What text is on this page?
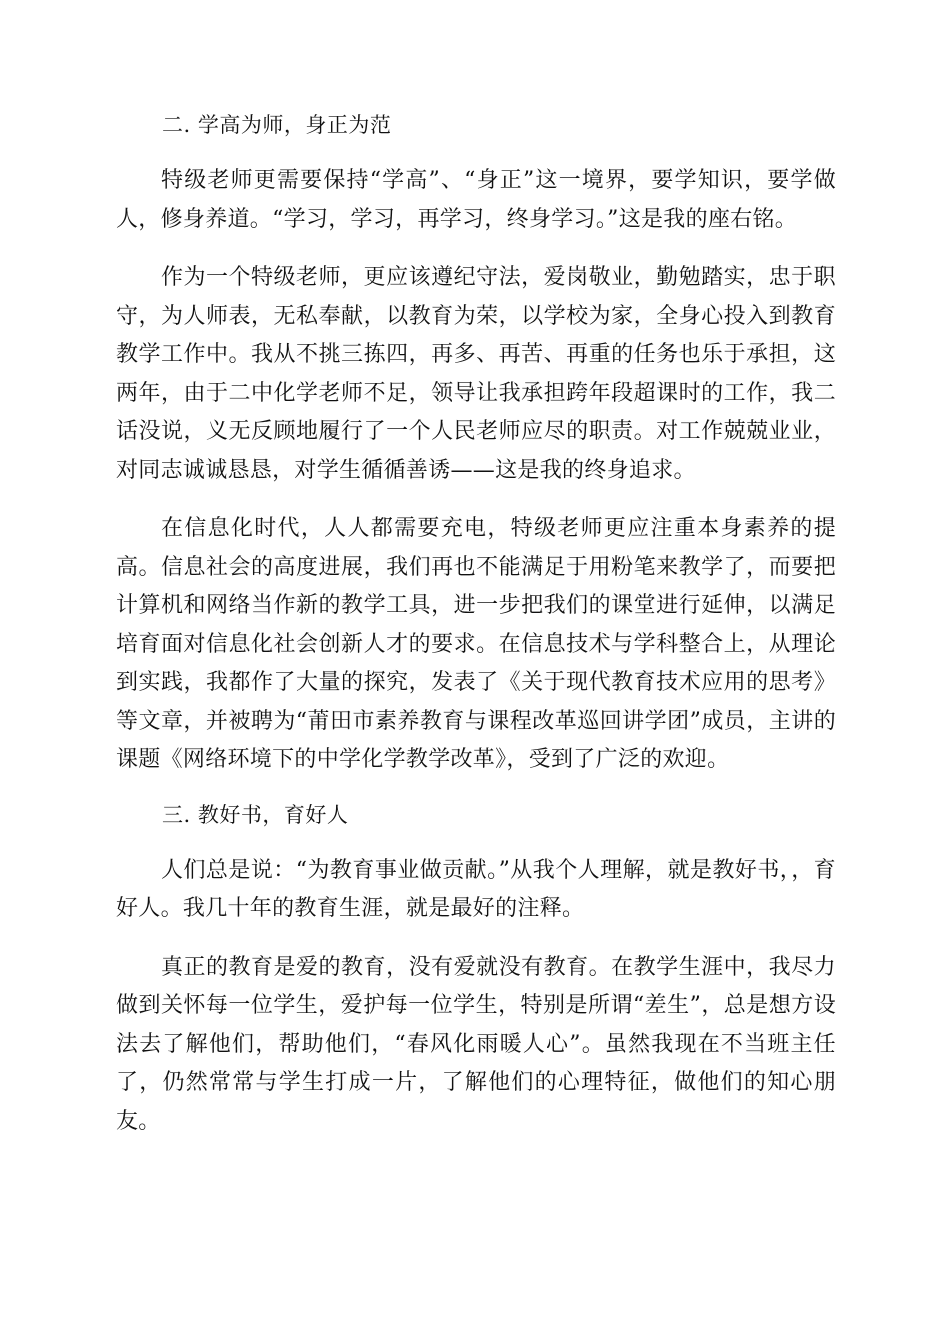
二. 学高为师，身正为范

特级老师更需要保持“学高”、“身正”这一境界，要学知识，要学做人，修身养道。“学习，学习，再学习，终身学习。”这是我的座右铭。

作为一个特级老师，更应该遵纪守法，爱岗敬业，勤勉踏实，忠于职守，为人师表，无私奉献，以教育为荣，以学校为家，全身心投入到教育教学工作中。我从不挑三拣四，再多、再苦、再重的任务也乐于承担，这两年，由于二中化学老师不足，领导让我承担跨年段超课时的工作，我二话没说，义无反顾地履行了一个人民老师应尽的职责。对工作兢兢业业，对同志诚诚恳恳，对学生循循善诱——这是我的终身追求。

在信息化时代，人人都需要充电，特级老师更应注重本身素养的提高。信息社会的高度进展，我们再也不能满足于用粉笔来教学了，而要把计算机和网络当作新的教学工具，进一步把我们的课堂进行延伸，以满足培育面对信息化社会创新人才的要求。在信息技术与学科整合上，从理论到实践，我都作了大量的探究，发表了《关于现代教育技术应用的思考》等文章，并被聘为“莆田市素养教育与课程改革巡回讲学团”成员，主讲的课题《网络环境下的中学化学教学改革》，受到了广泛的欢迎。

三. 教好书，育好人

人们总是说：“为教育事业做贡献。”从我个人理解，就是教好书，，育好人。我几十年的教育生涯，就是最好的注释。

真正的教育是爱的教育，没有爱就没有教育。在教学生涯中，我尽力做到关怀每一位学生，爱护每一位学生，特别是所谓“差生”，总是想方设法去了解他们，帮助他们，“春风化雨暖人心”。虽然我现在不当班主任了，仍然常常与学生打成一片，了解他们的心理特征，做他们的知心朋友。
